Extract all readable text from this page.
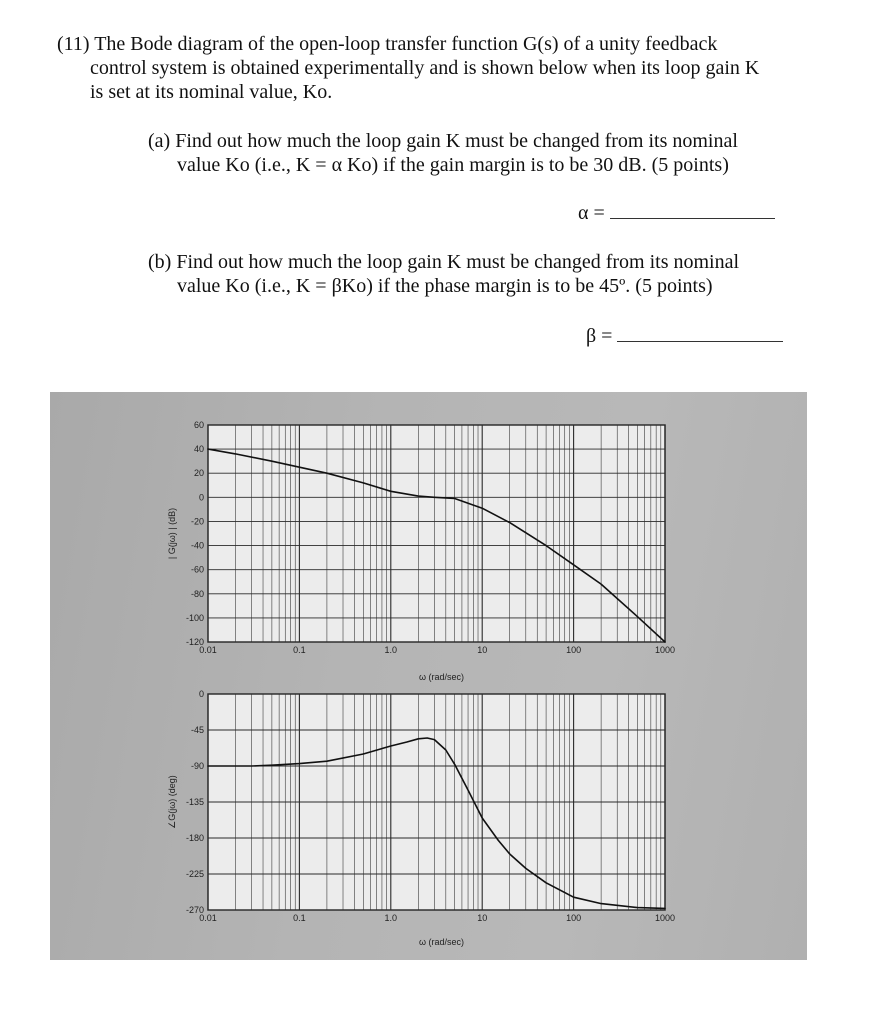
(11) The Bode diagram of the open-loop transfer function G(s) of a unity feedback
control system is obtained experimentally and is shown below when its loop gain K
is set at its nominal value, Ko.
(a) Find out how much the loop gain K must be changed from its nominal
value Ko (i.e., K = α Ko) if the gain margin is to be 30 dB. (5 points)
α =
(b) Find out how much the loop gain K must be changed from its nominal
value Ko (i.e., K = βKo) if the phase margin is to be 45º. (5 points)
β =
60
40
20
0
-20
-40
-60
-80
-100
-120
0.01	0.1	1.0	10	100	1000
ω (rad/sec)
| G(jω) | (dB)
0
-45
-90
-135
-180
-225
-270
0.01	0.1	1.0	10	100	1000
ω (rad/sec)
∠G(jω) (deg)
